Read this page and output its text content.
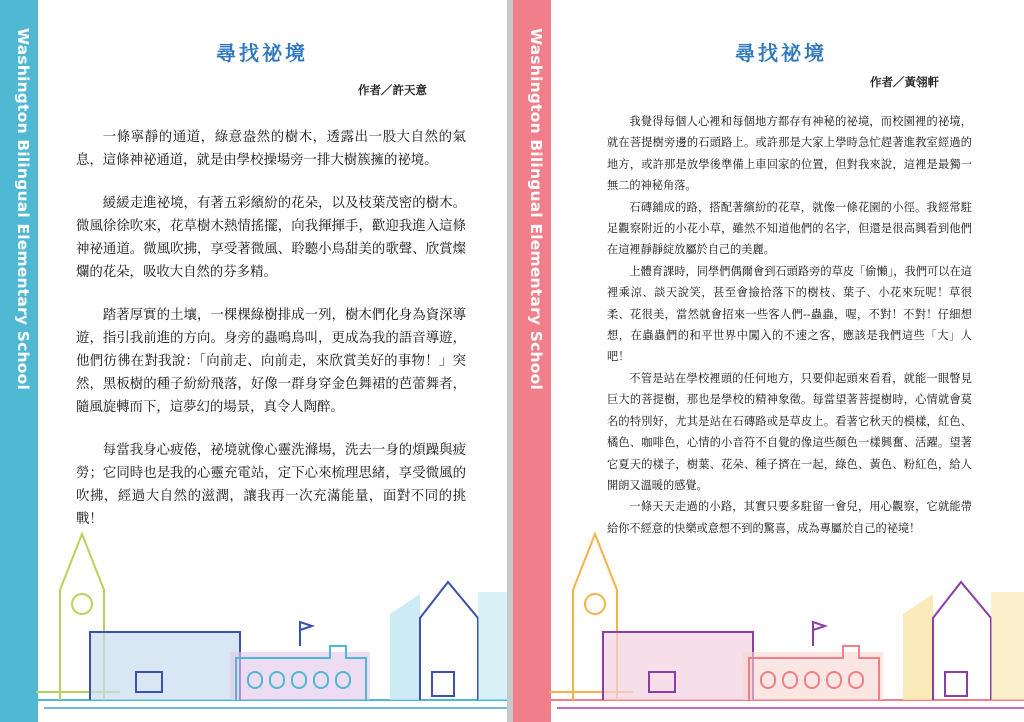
Washington Bilingual Elementary School	尋找祕境
作者／許天意

一條寧靜的通道，綠意盎然的樹木，透露出一股大自然的氣息，這條神祕通道，就是由學校操場旁一排大樹簇擁的祕境。

緩緩走進祕境，有著五彩繽紛的花朵，以及枝葉茂密的樹木。微風徐徐吹來，花草樹木熱情搖擺，向我揮揮手，歡迎我進入這條神祕通道。微風吹拂，享受著微風、聆聽小鳥甜美的歌聲、欣賞燦爛的花朵，吸收大自然的芬多精。

踏著厚實的土壤，一棵棵綠樹排成一列，樹木們化身為資深導遊，指引我前進的方向。身旁的蟲鳴鳥叫，更成為我的語音導遊，他們彷彿在對我說：「向前走、向前走，來欣賞美好的事物！」突然，黑板樹的種子紛紛飛落，好像一群身穿金色舞裙的芭蕾舞者，隨風旋轉而下，這夢幻的場景，真令人陶醉。

每當我身心疲倦，祕境就像心靈洗滌場，洗去一身的煩躁與疲勞；它同時也是我的心靈充電站，定下心來梳理思緒，享受微風的吹拂，經過大自然的滋潤，讓我再一次充滿能量，面對不同的挑戰！

Washington Bilingual Elementary School	尋找祕境
作者／黃翎軒

我覺得每個人心裡和每個地方都存有神秘的祕境，而校園裡的祕境，就在菩提樹旁邊的石頭路上。或許那是大家上學時急忙趕著進教室經過的地方，或許那是放學後準備上車回家的位置，但對我來說，這裡是最獨一無二的神秘角落。

石磚鋪成的路，搭配著繽紛的花草，就像一條花園的小徑。我經常駐足觀察附近的小花小草，雖然不知道他們的名字，但還是很高興看到他們在這裡靜靜綻放屬於自己的美麗。

上體育課時，同學們偶爾會到石頭路旁的草皮「偷懶」，我們可以在這裡乘涼、談天說笑，甚至會撿拾落下的樹枝、葉子、小花來玩呢！草很柔、花很美，當然就會招來一些客人們--蟲蟲，喔，不對！不對！仔細想想，在蟲蟲們的和平世界中闖入的不速之客，應該是我們這些「大」人吧！

不管是站在學校裡頭的任何地方，只要仰起頭來看看，就能一眼瞥見巨大的菩提樹，那也是學校的精神象徵。每當望著菩提樹時，心情就會莫名的特別好，尤其是站在石磚路或是草皮上。看著它秋天的模樣，紅色、橘色、咖啡色，心情的小音符不自覺的像這些顏色一樣興奮、活躍。望著它夏天的樣子，樹葉、花朵、種子擠在一起，綠色、黃色、粉紅色，給人開朗又溫暖的感覺。

一條天天走過的小路，其實只要多駐留一會兒，用心觀察，它就能帶給你不經意的快樂或意想不到的驚喜，成為專屬於自己的祕境！
